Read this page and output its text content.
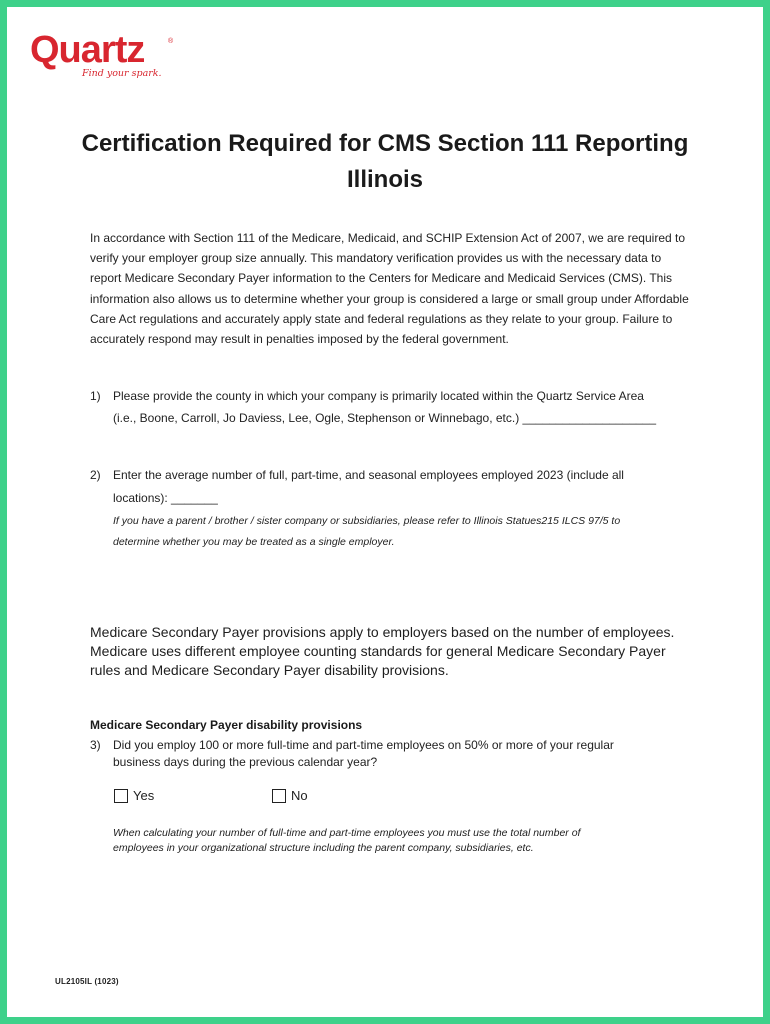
Quartz	®
Find your spark.
Certification Required for CMS Section 111 Reporting
Illinois
In accordance with Section 111 of the Medicare, Medicaid, and SCHIP Extension Act of 2007, we are required to verify your employer group size annually. This mandatory verification provides us with the necessary data to report Medicare Secondary Payer information to the Centers for Medicare and Medicaid Services (CMS). This information also allows us to determine whether your group is considered a large or small group under Affordable Care Act regulations and accurately apply state and federal regulations as they relate to your group. Failure to accurately respond may result in penalties imposed by the federal government.
1) Please provide the county in which your company is primarily located within the Quartz Service Area
(i.e., Boone, Carroll, Jo Daviess, Lee, Ogle, Stephenson or Winnebago, etc.) ____________________
2) Enter the average number of full, part-time, and seasonal employees employed 2023 (include all
locations): _______
If you have a parent / brother / sister company or subsidiaries, please refer to Illinois Statues215 ILCS 97/5 to
determine whether you may be treated as a single employer.
Medicare Secondary Payer provisions apply to employers based on the number of employees.
Medicare uses different employee counting standards for general Medicare Secondary Payer
rules and Medicare Secondary Payer disability provisions.
Medicare Secondary Payer disability provisions
3) Did you employ 100 or more full-time and part-time employees on 50% or more of your regular
business days during the previous calendar year?
Yes	No
When calculating your number of full-time and part-time employees you must use the total number of
employees in your organizational structure including the parent company, subsidiaries, etc.
UL2105IL (1023)
